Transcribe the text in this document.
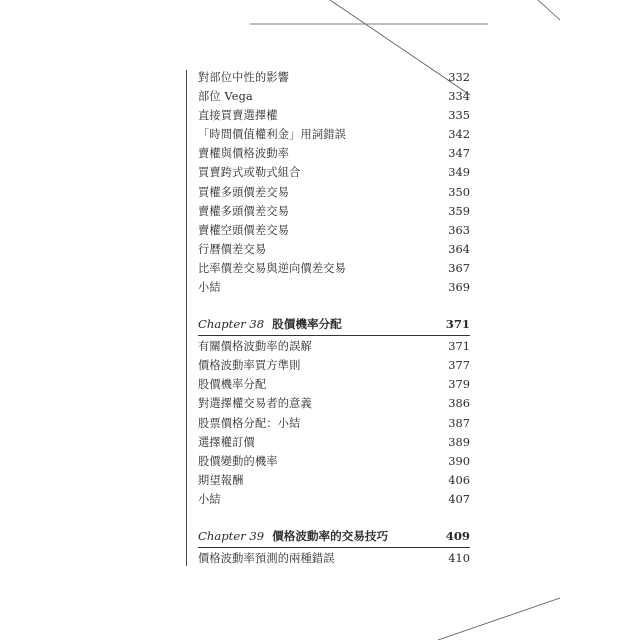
對部位中性的影響	332
部位 Vega	334
直接買賣選擇權	335
「時間價值權利金」用詞錯誤	342
賣權與價格波動率	347
買賣跨式或勒式組合	349
買權多頭價差交易	350
賣權多頭價差交易	359
賣權空頭價差交易	363
行曆價差交易	364
比率價差交易與逆向價差交易	367
小結	369
Chapter 38 股價機率分配	371
有關價格波動率的誤解	371
價格波動率買方準則	377
股價機率分配	379
對選擇權交易者的意義	386
股票價格分配：小結	387
選擇權訂價	389
股價變動的機率	390
期望報酬	406
小結	407
Chapter 39 價格波動率的交易技巧	409
價格波動率預測的兩種錯誤	410
